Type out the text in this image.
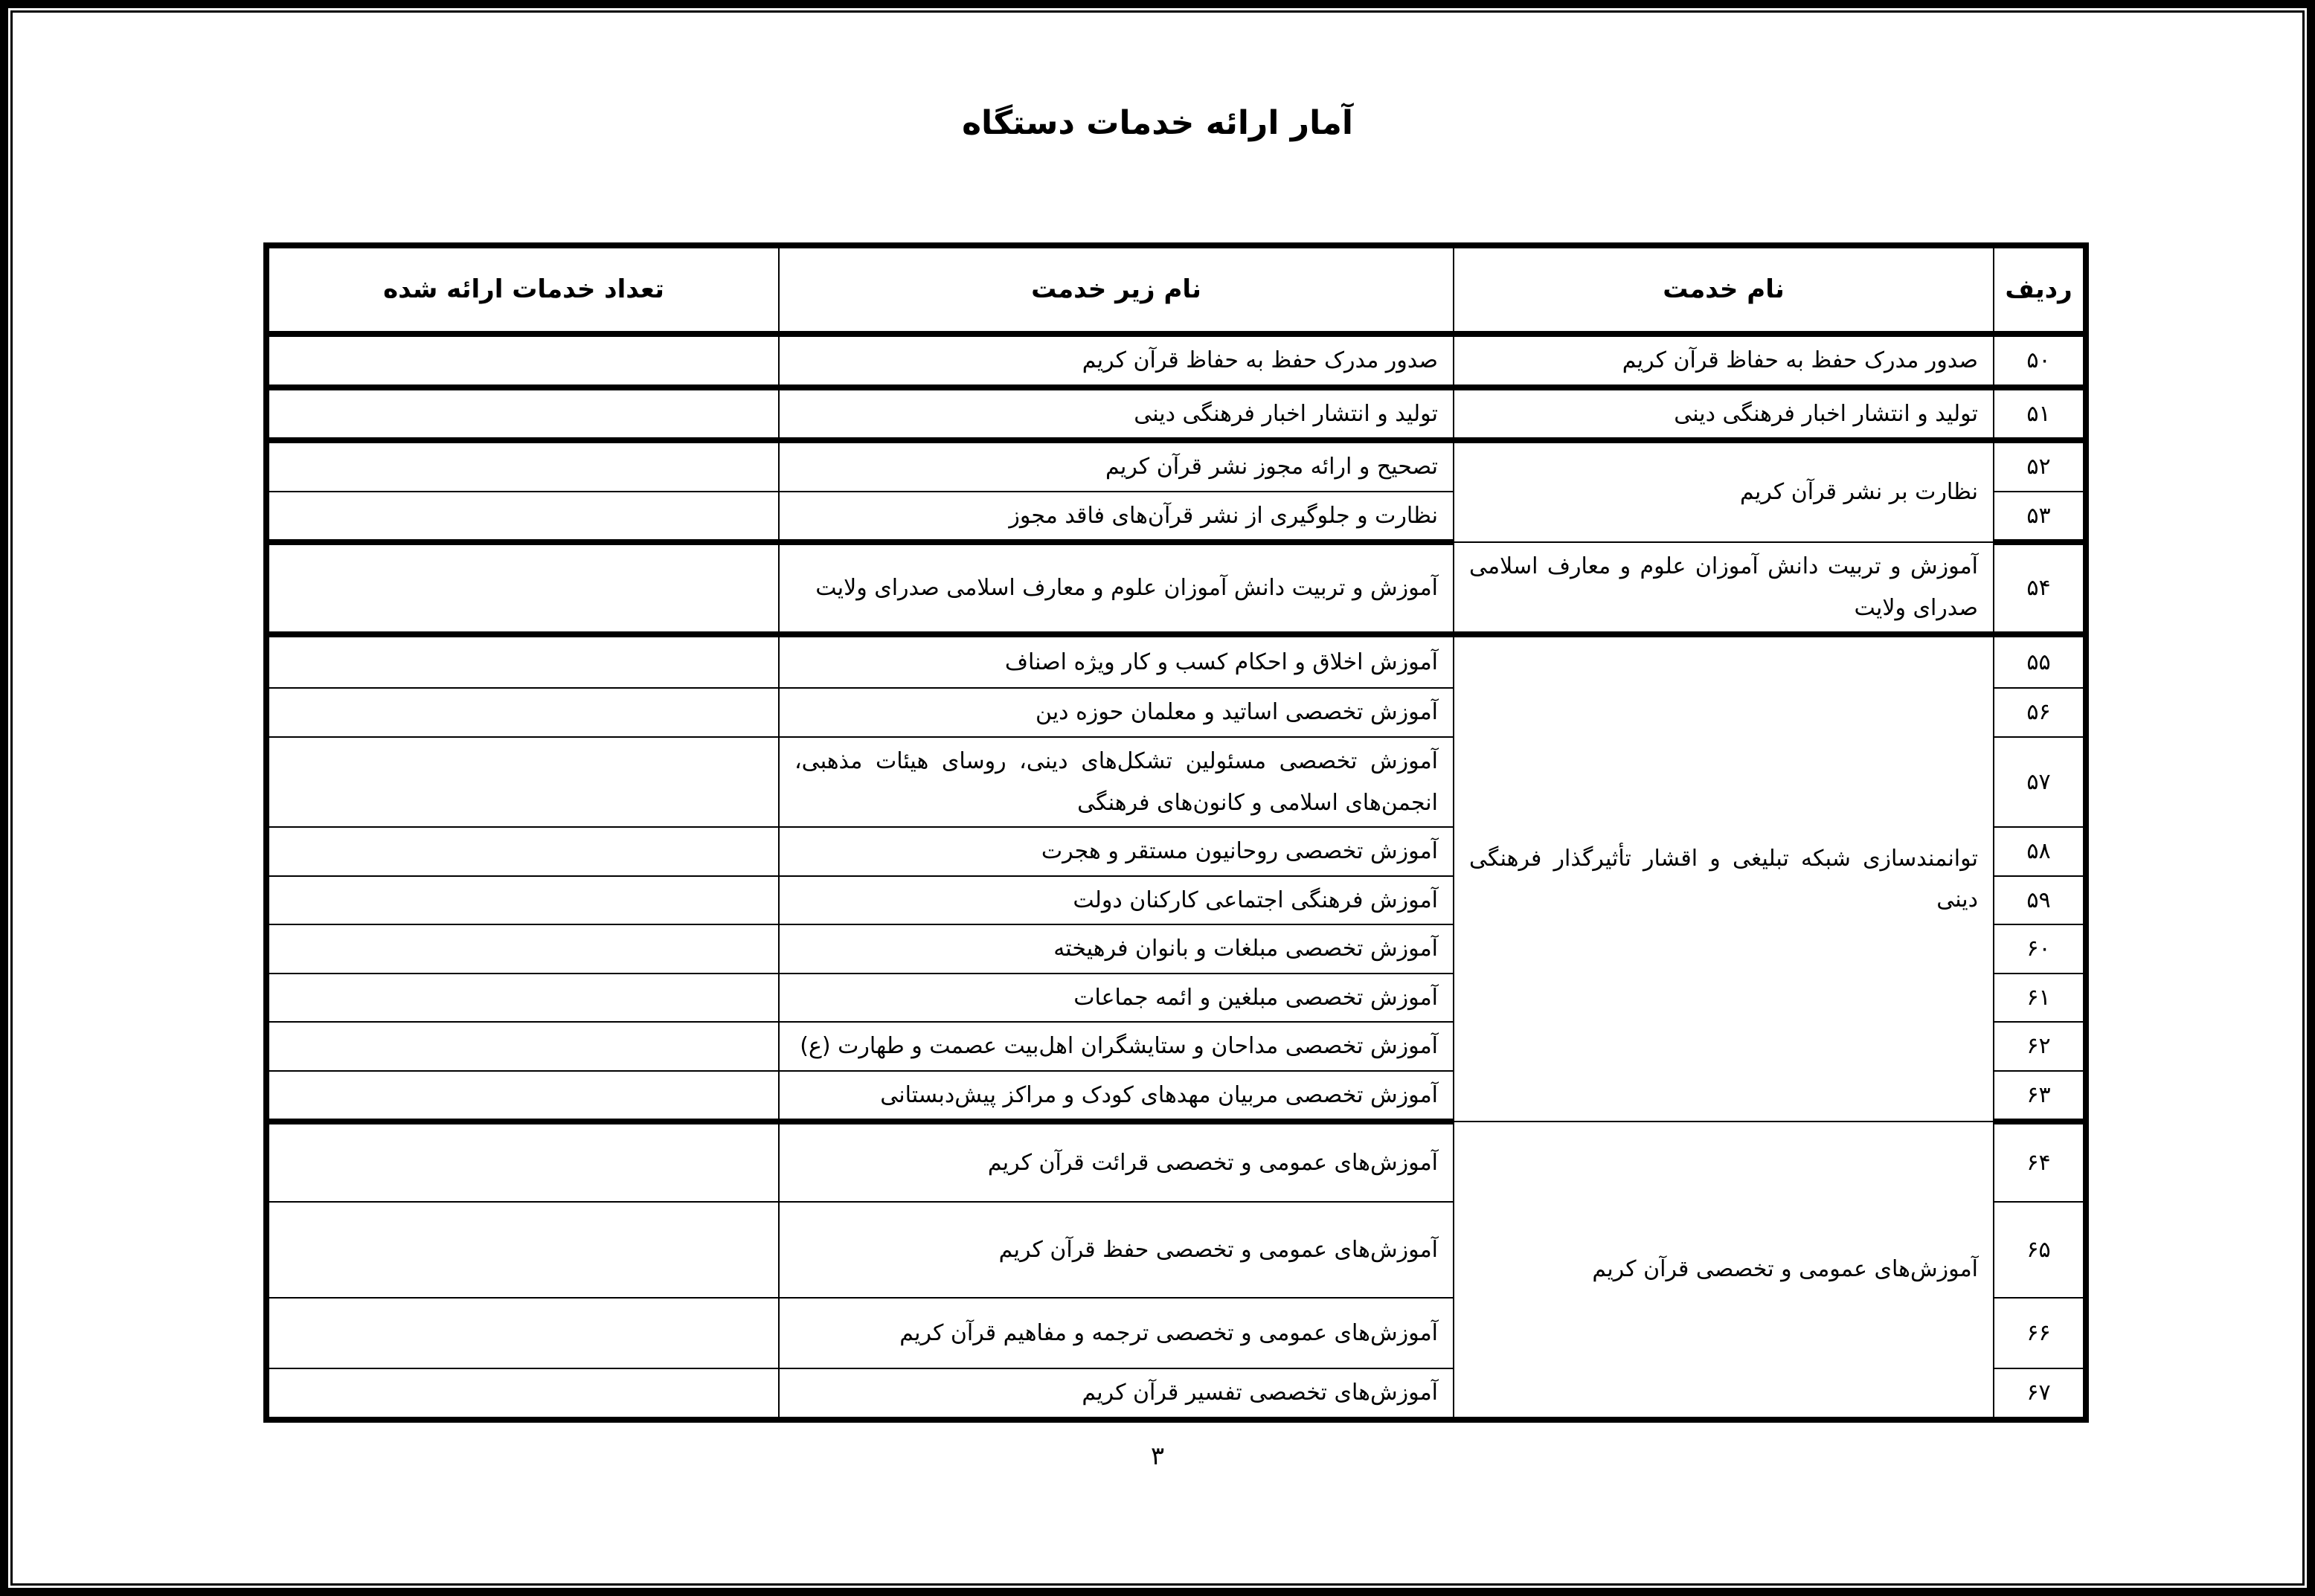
آمار ارائه خدمات دستگاه
ردیف	نام خدمت	نام زیر خدمت	تعداد خدمات ارائه شده
۵۰	صدور مدرک حفظ به حفاظ قرآن کریم	صدور مدرک حفظ به حفاظ قرآن کریم	
۵۱	تولید و انتشار اخبار فرهنگی دینی	تولید و انتشار اخبار فرهنگی دینی	
۵۲	نظارت بر نشر قرآن کریم	تصحیح و ارائه مجوز نشر قرآن کریم	
۵۳		نظارت و جلوگیری از نشر قرآن‌های فاقد مجوز	
۵۴	آموزش و تربیت دانش آموزان علوم و معارف اسلامی صدرای ولایت	آموزش و تربیت دانش آموزان علوم و معارف اسلامی صدرای ولایت	
۵۵	توانمندسازی شبکه تبلیغی و اقشار تأثیرگذار فرهنگی دینی	آموزش اخلاق و احکام کسب و کار ویژه اصناف	
۵۶		آموزش تخصصی اساتید و معلمان حوزه دین	
۵۷		آموزش تخصصی مسئولین تشکل‌های دینی، روسای هیئات مذهبی، انجمن‌های اسلامی و کانون‌های فرهنگی	
۵۸		آموزش تخصصی روحانیون مستقر و هجرت	
۵۹		آموزش فرهنگی اجتماعی کارکنان دولت	
۶۰		آموزش تخصصی مبلغات و بانوان فرهیخته	
۶۱		آموزش تخصصی مبلغین و ائمه جماعات	
۶۲		آموزش تخصصی مداحان و ستایشگران اهل‌بیت عصمت و طهارت (ع)	
۶۳		آموزش تخصصی مربیان مهدهای کودک و مراکز پیش‌دبستانی	
۶۴	آموزش‌های عمومی و تخصصی قرآن کریم	آموزش‌های عمومی و تخصصی قرائت قرآن کریم	
۶۵		آموزش‌های عمومی و تخصصی حفظ قرآن کریم	
۶۶		آموزش‌های عمومی و تخصصی ترجمه و مفاهیم قرآن کریم	
۶۷		آموزش‌های تخصصی تفسیر قرآن کریم	
۳
